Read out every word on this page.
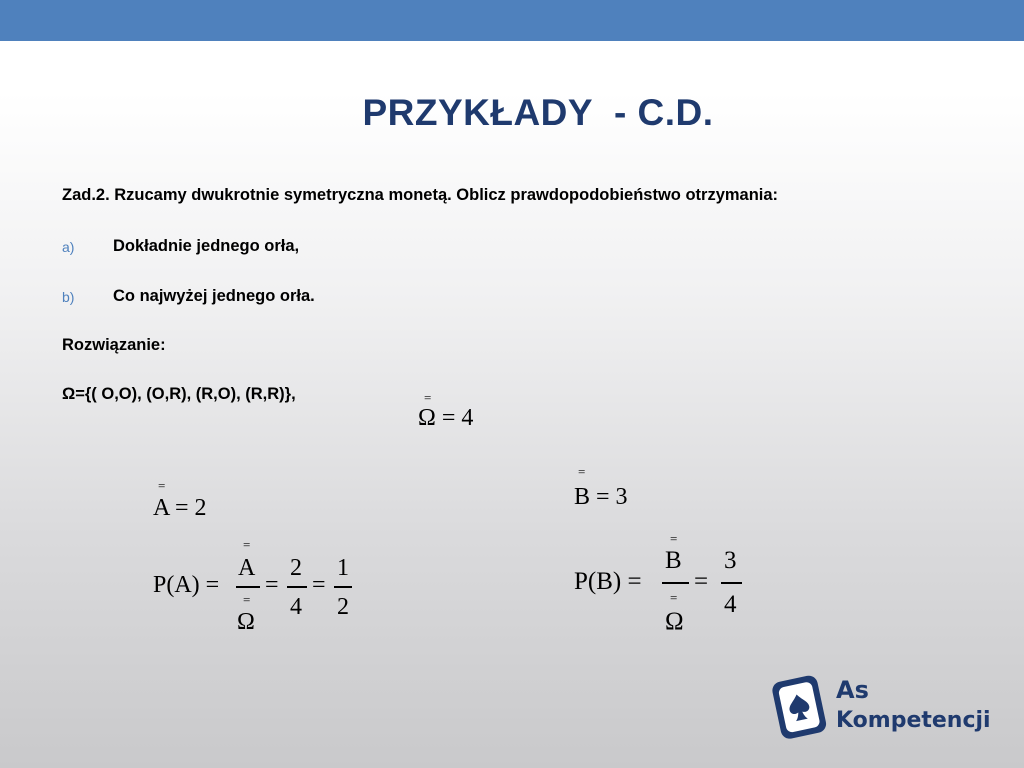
PRZYKŁADY  - C.D.
Zad.2. Rzucamy dwukrotnie symetryczna monetą. Oblicz prawdopodobieństwo otrzymania:
a) Dokładnie jednego orła,
b) Co najwyżej jednego orła.
Rozwiązanie:
Ω={( O,O), (O,R), (R,O), (R,R)},	=
Ω = 4
=
A = 2
=
B = 3
P(A) =
=
A
=
Ω
=
2
4
=
1
2
P(B) =
=
B
=
Ω
=
3
4
As
Kompetencji
